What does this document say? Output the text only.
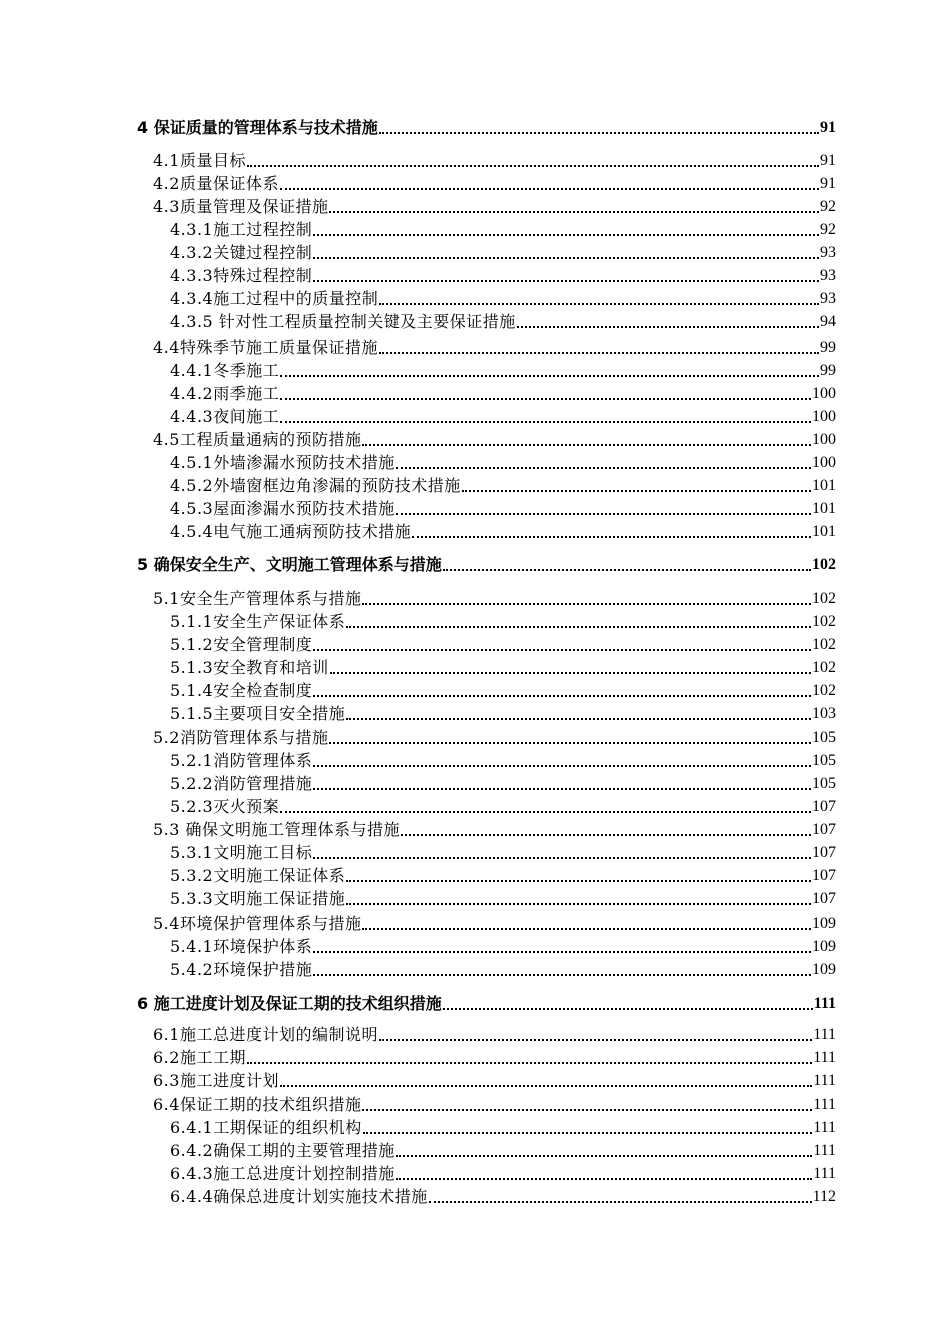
4 保证质量的管理体系与技术措施	91
4.1质量目标	91
4.2质量保证体系	91
4.3质量管理及保证措施	92
4.3.1施工过程控制	92
4.3.2关键过程控制	93
4.3.3特殊过程控制	93
4.3.4施工过程中的质量控制	93
4.3.5 针对性工程质量控制关键及主要保证措施	94
4.4特殊季节施工质量保证措施	99
4.4.1冬季施工	99
4.4.2雨季施工	100
4.4.3夜间施工	100
4.5工程质量通病的预防措施	100
4.5.1外墙渗漏水预防技术措施	100
4.5.2外墙窗框边角渗漏的预防技术措施	101
4.5.3屋面渗漏水预防技术措施	101
4.5.4电气施工通病预防技术措施	101
5 确保安全生产、文明施工管理体系与措施	102
5.1安全生产管理体系与措施	102
5.1.1安全生产保证体系	102
5.1.2安全管理制度	102
5.1.3安全教育和培训	102
5.1.4安全检查制度	102
5.1.5主要项目安全措施	103
5.2消防管理体系与措施	105
5.2.1消防管理体系	105
5.2.2消防管理措施	105
5.2.3灭火预案	107
5.3 确保文明施工管理体系与措施	107
5.3.1文明施工目标	107
5.3.2文明施工保证体系	107
5.3.3文明施工保证措施	107
5.4环境保护管理体系与措施	109
5.4.1环境保护体系	109
5.4.2环境保护措施	109
6 施工进度计划及保证工期的技术组织措施	111
6.1施工总进度计划的编制说明	111
6.2施工工期	111
6.3施工进度计划	111
6.4保证工期的技术组织措施	111
6.4.1工期保证的组织机构	111
6.4.2确保工期的主要管理措施	111
6.4.3施工总进度计划控制措施	111
6.4.4确保总进度计划实施技术措施	112
